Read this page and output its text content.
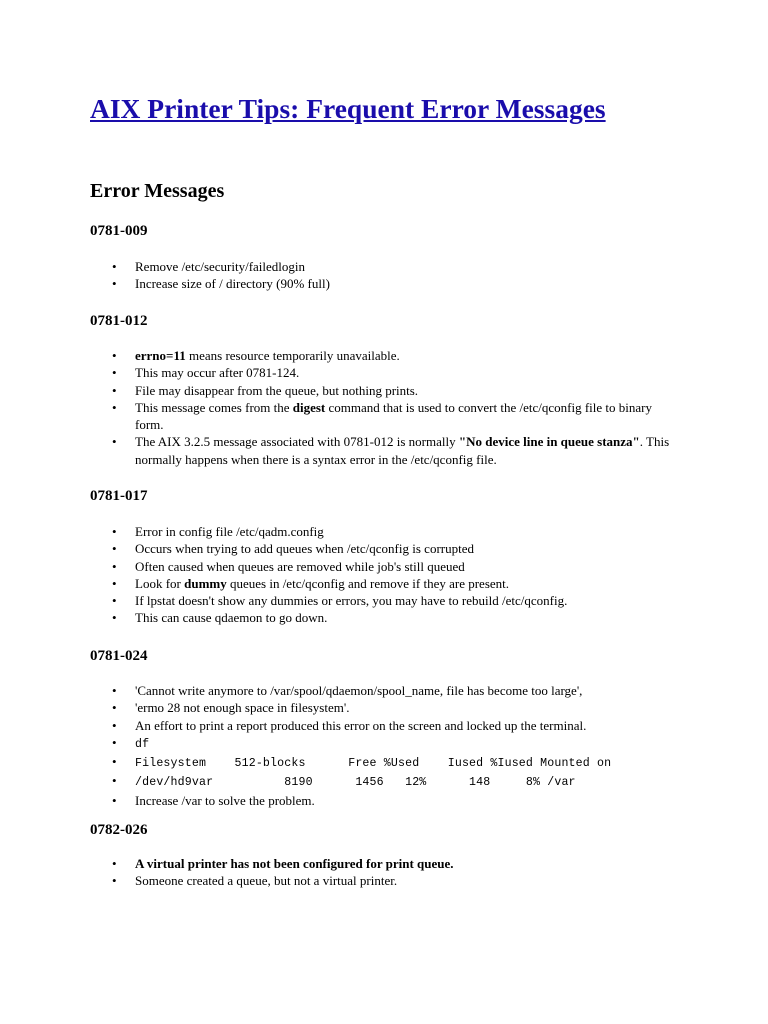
AIX Printer Tips: Frequent Error Messages
Error Messages
0781-009
• Remove /etc/security/failedlogin
• Increase size of / directory (90% full)
0781-012
• errno=11 means resource temporarily unavailable.
• This may occur after 0781-124.
• File may disappear from the queue, but nothing prints.
• This message comes from the digest command that is used to convert the /etc/qconfig file to binary form.
• The AIX 3.2.5 message associated with 0781-012 is normally "No device line in queue stanza". This normally happens when there is a syntax error in the /etc/qconfig file.
0781-017
• Error in config file /etc/qadm.config
• Occurs when trying to add queues when /etc/qconfig is corrupted
• Often caused when queues are removed while job's still queued
• Look for dummy queues in /etc/qconfig and remove if they are present.
• If lpstat doesn't show any dummies or errors, you may have to rebuild /etc/qconfig.
• This can cause qdaemon to go down.
0781-024
• 'Cannot write anymore to /var/spool/qdaemon/spool_name, file has become too large',
• 'ermo 28 not enough space in filesystem'.
• An effort to print a report produced this error on the screen and locked up the terminal.
• df
• Filesystem    512-blocks      Free %Used    Iused %Iused Mounted on
• /dev/hd9var          8190      1456   12%      148     8% /var
• Increase /var to solve the problem.
0782-026
• A virtual printer has not been configured for print queue.
• Someone created a queue, but not a virtual printer.
